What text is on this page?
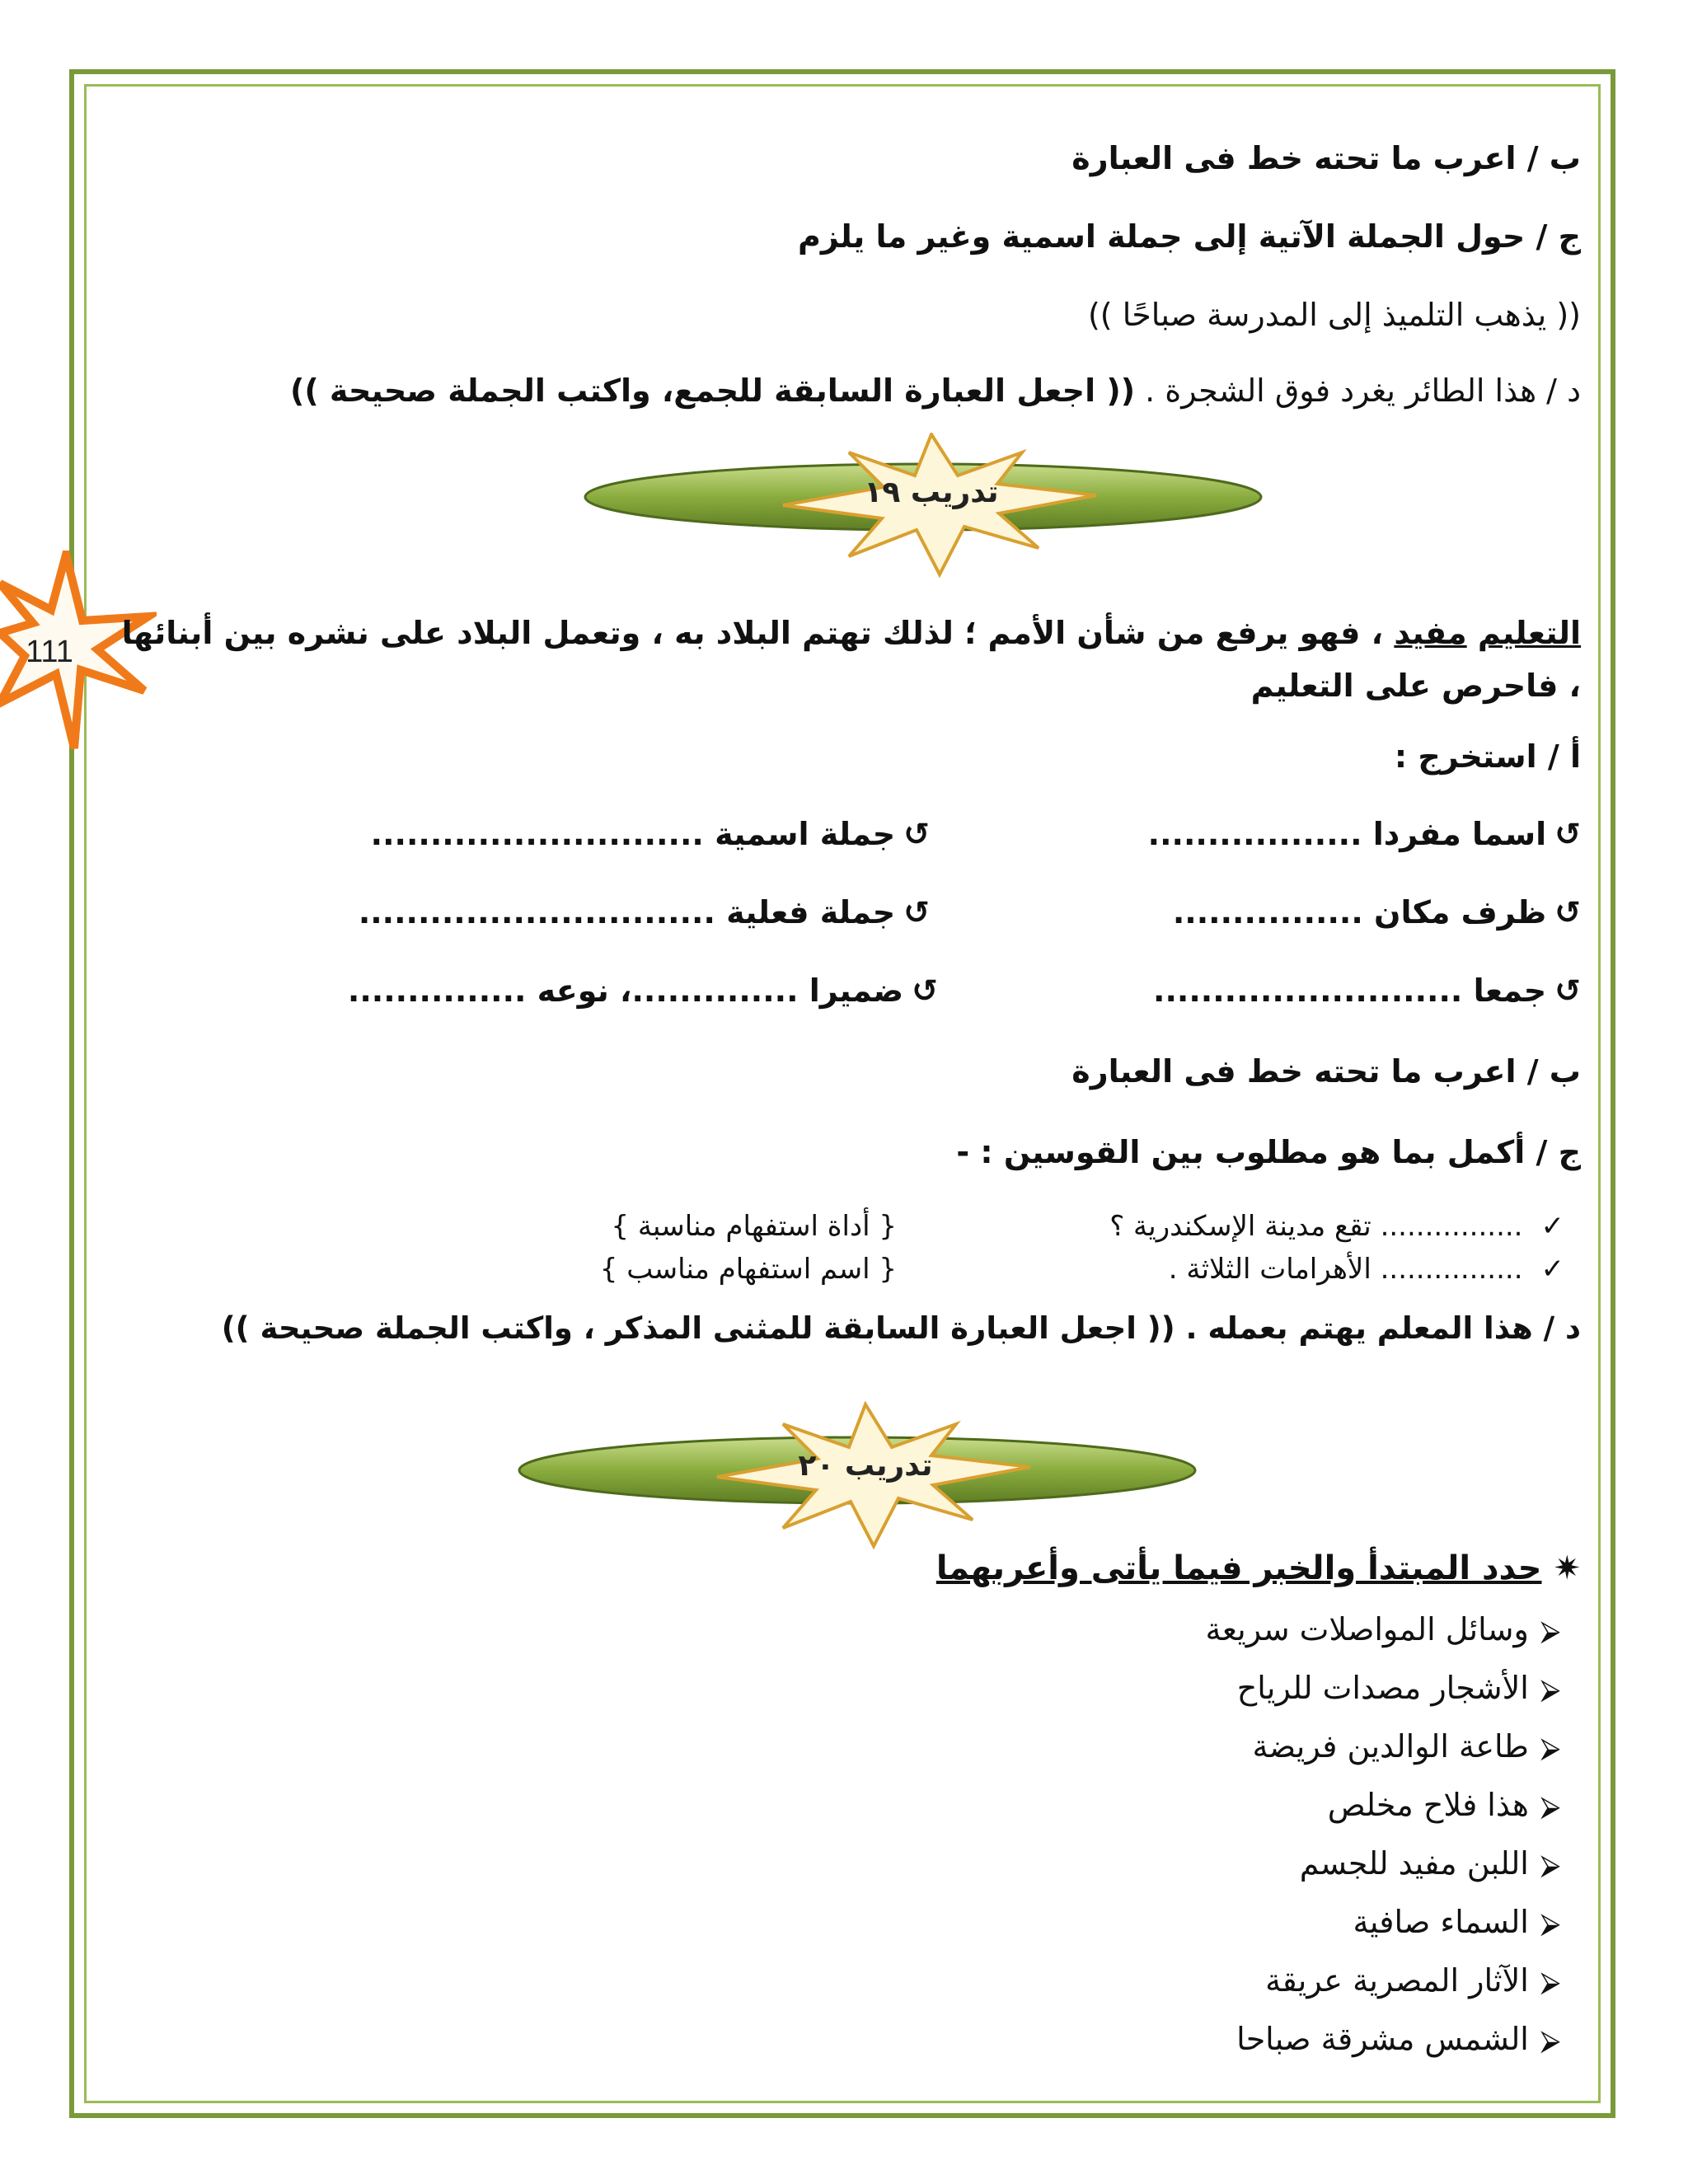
ب / اعرب ما تحته خط فى العبارة
ج / حول الجملة الآتية إلى جملة اسمية وغير ما يلزم
(( يذهب التلميذ إلى المدرسة صباحًا ))
د / هذا الطائر يغرد فوق الشجرة . (( اجعل العبارة السابقة للجمع، واكتب الجملة صحيحة ))
تدريب ١٩
111
التعليم مفيد ، فهو يرفع من شأن الأمم ؛ لذلك تهتم البلاد به ، وتعمل البلاد على نشره بين أبنائها ، فاحرص على التعليم
أ / استخرج :
↺اسما مفردا ..................
↺جملة اسمية ............................
↺ظرف مكان ................
↺جملة فعلية ..............................
↺جمعا ..........................
↺ضميرا ..............، نوعه ...............
ب / اعرب ما تحته خط فى العبارة
ج / أكمل بما هو مطلوب بين القوسين : -
✓................ تقع مدينة الإسكندرية ؟
{ أداة استفهام مناسبة }
✓................ الأهرامات الثلاثة .
{ اسم استفهام مناسب }
د / هذا المعلم يهتم بعمله . (( اجعل العبارة السابقة للمثنى المذكر ، واكتب الجملة صحيحة ))
تدريب ٢٠
✷حدد المبتدأ والخبر فيما يأتى وأعربهما
⮚وسائل المواصلات سريعة
⮚الأشجار مصدات للرياح
⮚طاعة الوالدين فريضة
⮚هذا فلاح مخلص
⮚اللبن مفيد للجسم
⮚السماء صافية
⮚الآثار المصرية عريقة
⮚الشمس مشرقة صباحا
